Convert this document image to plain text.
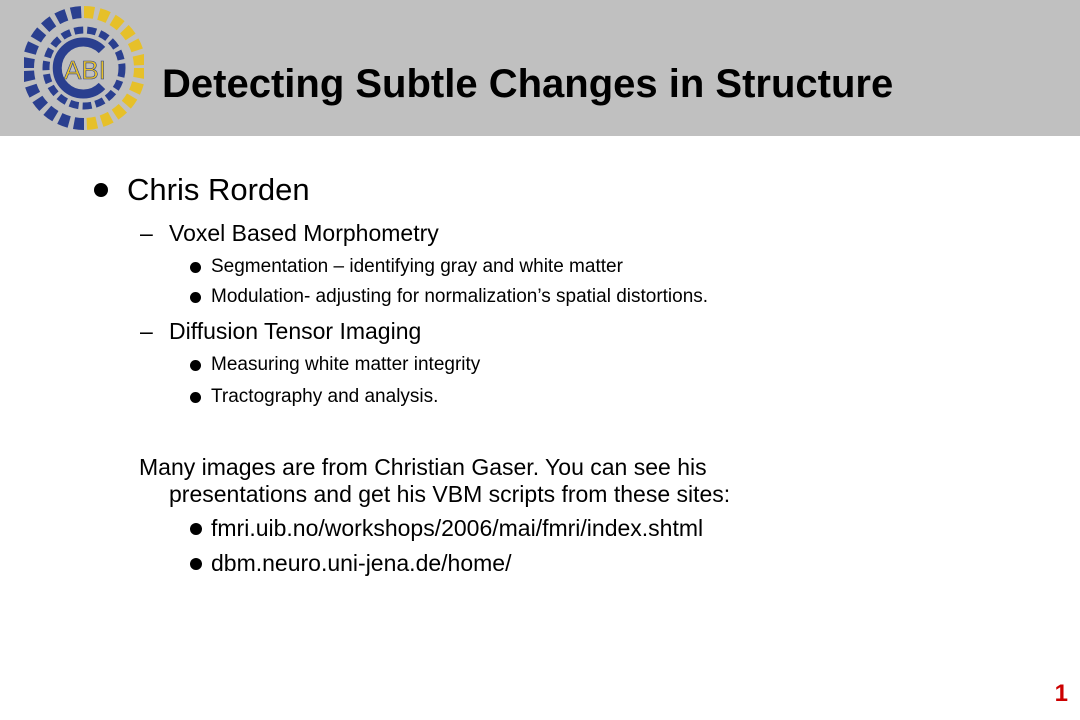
ABI Detecting Subtle Changes in Structure
Chris Rorden
– Voxel Based Morphometry
Segmentation – identifying gray and white matter
Modulation- adjusting for normalization’s spatial distortions.
– Diffusion Tensor Imaging
Measuring white matter integrity
Tractography and analysis.
Many images are from Christian Gaser. You can see his
presentations and get his VBM scripts from these sites:
fmri.uib.no/workshops/2006/mai/fmri/index.shtml
dbm.neuro.uni-jena.de/home/
1
